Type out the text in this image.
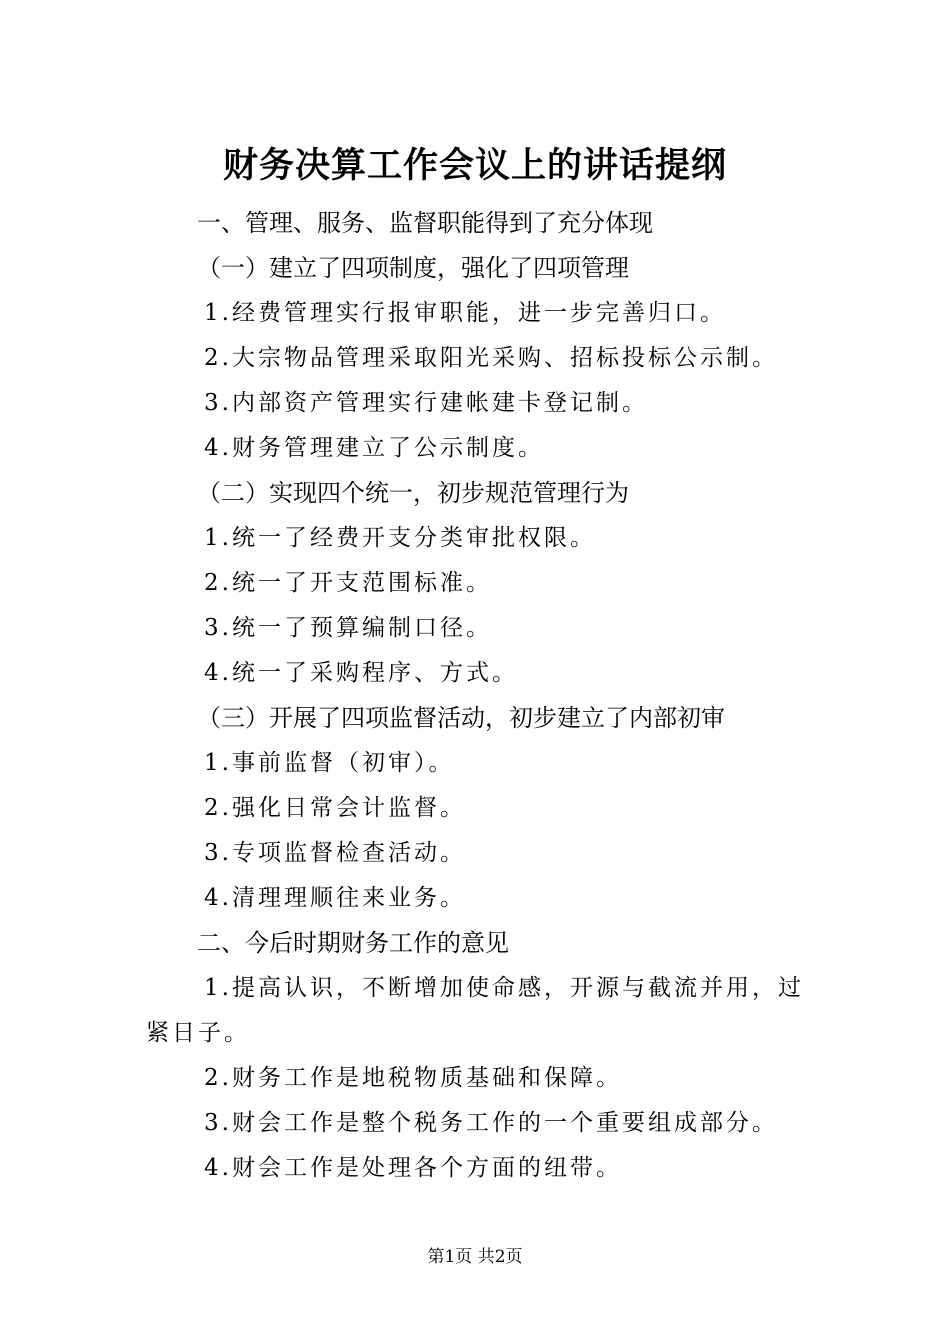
财务决算工作会议上的讲话提纲
一、管理、服务、监督职能得到了充分体现
（一）建立了四项制度，强化了四项管理
1.经费管理实行报审职能，进一步完善归口。
2.大宗物品管理采取阳光采购、招标投标公示制。
3.内部资产管理实行建帐建卡登记制。
4.财务管理建立了公示制度。
（二）实现四个统一，初步规范管理行为
1.统一了经费开支分类审批权限。
2.统一了开支范围标准。
3.统一了预算编制口径。
4.统一了采购程序、方式。
（三）开展了四项监督活动，初步建立了内部初审
1.事前监督（初审）。
2.强化日常会计监督。
3.专项监督检查活动。
4.清理理顺往来业务。
二、今后时期财务工作的意见
1.提高认识，不断增加使命感，开源与截流并用，过
紧日子。
2.财务工作是地税物质基础和保障。
3.财会工作是整个税务工作的一个重要组成部分。
4.财会工作是处理各个方面的纽带。
第1页 共2页
